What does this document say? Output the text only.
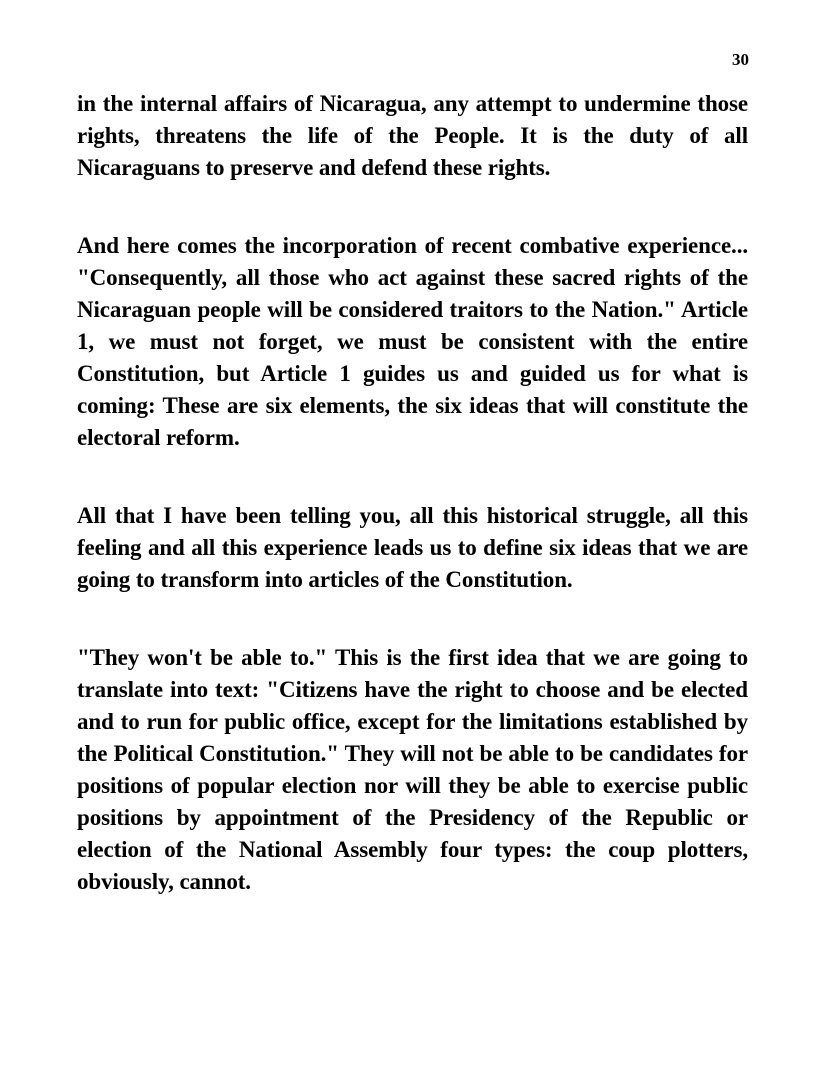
30

in the internal affairs of Nicaragua, any attempt to undermine those rights, threatens the life of the People. It is the duty of all Nicaraguans to preserve and defend these rights.

And here comes the incorporation of recent combative experience... "Consequently, all those who act against these sacred rights of the Nicaraguan people will be considered traitors to the Nation." Article 1, we must not forget, we must be consistent with the entire Constitution, but Article 1 guides us and guided us for what is coming: These are six elements, the six ideas that will constitute the electoral reform.

All that I have been telling you, all this historical struggle, all this feeling and all this experience leads us to define six ideas that we are going to transform into articles of the Constitution.

"They won't be able to." This is the first idea that we are going to translate into text: "Citizens have the right to choose and be elected and to run for public office, except for the limitations established by the Political Constitution." They will not be able to be candidates for positions of popular election nor will they be able to exercise public positions by appointment of the Presidency of the Republic or election of the National Assembly four types: the coup plotters, obviously, cannot.
